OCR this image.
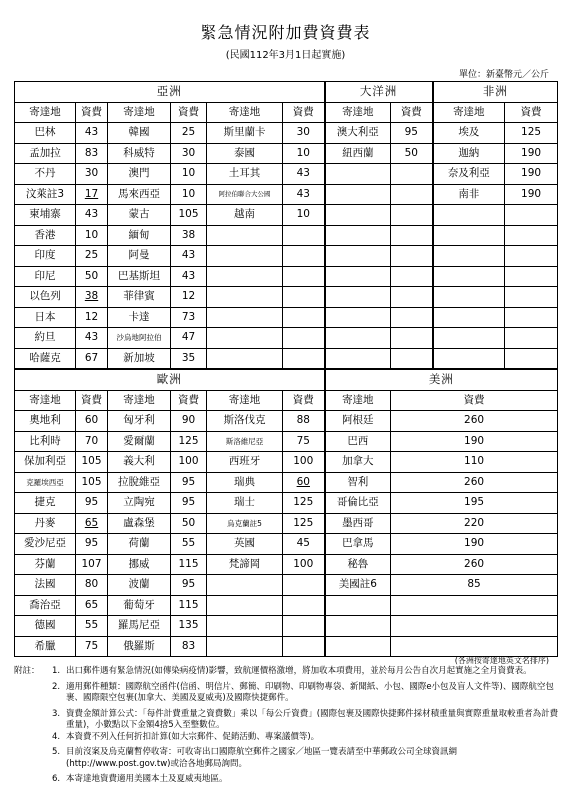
緊急情況附加費資費表
(民國112年3月1日起實施)
單位：新臺幣元／公斤
亞洲						大洋洲		非洲	
寄達地	資費	寄達地	資費	寄達地	資費	寄達地	資費	寄達地	資費
巴林	43	韓國	25	斯里蘭卡	30	澳大利亞	95	埃及	125
孟加拉	83	科威特	30	泰國	10	紐西蘭	50	迦納	190
不丹	30	澳門	10	土耳其	43			奈及利亞	190
汶萊註3	17	馬來西亞	10	阿拉伯聯合大公國	43			南非	190
柬埔寨	43	蒙古	105	越南	10				
香港	10	緬甸	38						
印度	25	阿曼	43						
印尼	50	巴基斯坦	43						
以色列	38	菲律賓	12						
日本	12	卡達	73						
約旦	43	沙烏地阿拉伯	47						
哈薩克	67	新加坡	35						
歐洲						美洲			
寄達地	資費	寄達地	資費	寄達地	資費	寄達地	資費		
奧地利	60	匈牙利	90	斯洛伐克	88	阿根廷	260		
比利時	70	愛爾蘭	125	斯洛維尼亞	75	巴西	190		
保加利亞	105	義大利	100	西班牙	100	加拿大	110		
克羅埃西亞	105	拉脫維亞	95	瑞典	60	智利	260		
捷克	95	立陶宛	95	瑞士	125	哥倫比亞	195		
丹麥	65	盧森堡	50	烏克蘭註5	125	墨西哥	220		
愛沙尼亞	95	荷蘭	55	英國	45	巴拿馬	190		
芬蘭	107	挪威	115	梵諦岡	100	秘魯	260		
法國	80	波蘭	95			美國註6	85		
喬治亞	65	葡萄牙	115						
德國	55	羅馬尼亞	135						
希臘	75	俄羅斯	83						
(各洲按寄達地英文名排序)
附註：	1. 出口郵件遇有緊急情況(如傳染病疫情)影響，致航運價格激增，將加收本項費用，並於每月公告自次月起實施之全月資費表。
2. 適用郵件種類：國際航空函件(信函、明信片、郵簡、印刷物、印刷物專袋、新聞紙、小包、國際e小包及盲人文件等)、國際航空包裹、國際限空包裹(加拿大、美國及夏威夷)及國際快捷郵件。
3. 資費金額計算公式：「每件計費重量之資費數」乘以「每公斤資費」(國際包裹及國際快捷郵件採材積重量與實際重量取較重者為計費重量)，小數點以下金額4捨5入至整數位。
4. 本資費不列入任何折扣計算(如大宗郵件、促銷活動、專案議價等)。
5. 目前沒案及烏克蘭暫停收寄：可收寄出口國際航空郵件之國家／地區一覽表請至中華郵政公司全球資訊網(http://www.post.gov.tw)或洽各地郵局詢問。
6. 本寄達地資費適用美國本土及夏威夷地區。
